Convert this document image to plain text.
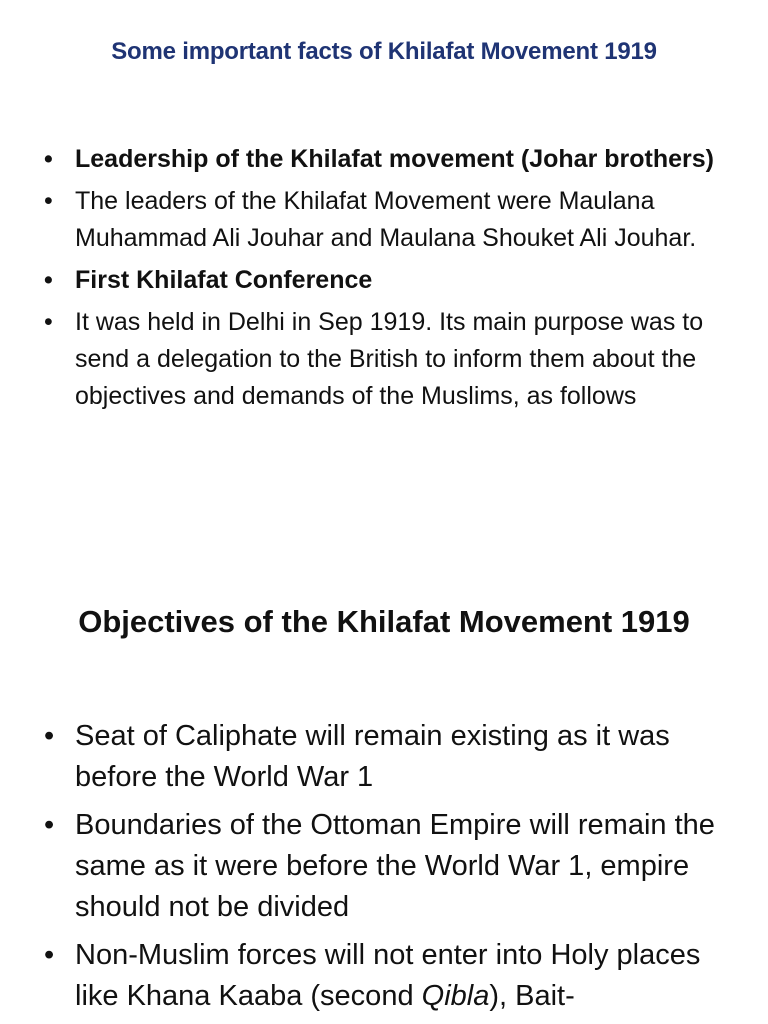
Some important facts of Khilafat Movement 1919
• Leadership of the Khilafat movement (Johar brothers)
• The leaders of the Khilafat Movement were Maulana Muhammad Ali Jouhar and Maulana Shouket Ali Jouhar.
• First Khilafat Conference
• It was held in Delhi in Sep 1919. Its main purpose was to send a delegation to the British to inform them about the objectives and demands of the Muslims, as follows
Objectives of the Khilafat Movement 1919
• Seat of Caliphate will remain existing as it was before the World War 1
• Boundaries of the Ottoman Empire will remain the same as it were before the World War 1, empire should not be divided
• Non-Muslim forces will not enter into Holy places like Khana Kaaba (second Qibla), Bait-
